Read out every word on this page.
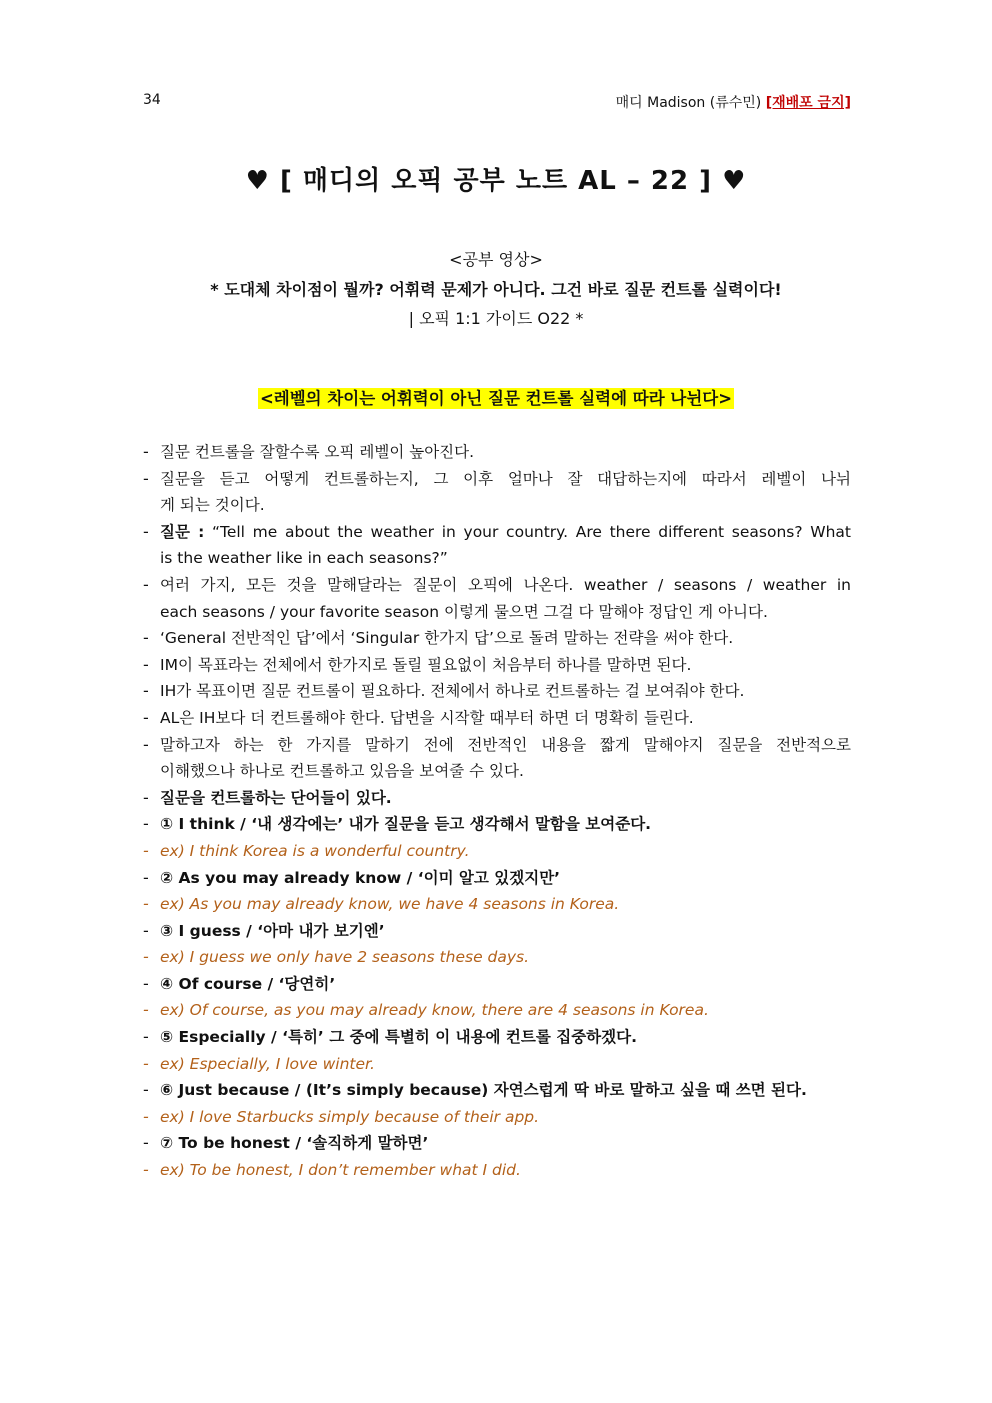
34	매디 Madison (류수민) [재배포 금지]
♥ [ 매디의 오픽 공부 노트 AL – 22 ] ♥
<공부 영상>
* 도대체 차이점이 뭘까? 어휘력 문제가 아니다. 그건 바로 질문 컨트롤 실력이다!
| 오픽 1:1 가이드 O22 *
<레벨의 차이는 어휘력이 아닌 질문 컨트롤 실력에 따라 나뉜다>
- 질문 컨트롤을 잘할수록 오픽 레벨이 높아진다.
- 질문을 듣고 어떻게 컨트롤하는지, 그 이후 얼마나 잘 대답하는지에 따라서 레벨이 나뉘
게 되는 것이다.
- 질문 : “Tell me about the weather in your country. Are there different seasons? What
is the weather like in each seasons?”
- 여러 가지, 모든 것을 말해달라는 질문이 오픽에 나온다. weather / seasons / weather in
each seasons / your favorite season 이렇게 물으면 그걸 다 말해야 정답인 게 아니다.
- ‘General 전반적인 답’에서 ‘Singular 한가지 답’으로 돌려 말하는 전략을 써야 한다.
- IM이 목표라는 전체에서 한가지로 돌릴 필요없이 처음부터 하나를 말하면 된다.
- IH가 목표이면 질문 컨트롤이 필요하다. 전체에서 하나로 컨트롤하는 걸 보여줘야 한다.
- AL은 IH보다 더 컨트롤해야 한다. 답변을 시작할 때부터 하면 더 명확히 들린다.
- 말하고자 하는 한 가지를 말하기 전에 전반적인 내용을 짧게 말해야지 질문을 전반적으로
이해했으나 하나로 컨트롤하고 있음을 보여줄 수 있다.
- 질문을 컨트롤하는 단어들이 있다.
- ① I think / ‘내 생각에는’ 내가 질문을 듣고 생각해서 말함을 보여준다.
- ex) I think Korea is a wonderful country.
- ② As you may already know / ‘이미 알고 있겠지만’
- ex) As you may already know, we have 4 seasons in Korea.
- ③ I guess / ‘아마 내가 보기엔’
- ex) I guess we only have 2 seasons these days.
- ④ Of course / ‘당연히’
- ex) Of course, as you may already know, there are 4 seasons in Korea.
- ⑤ Especially / ‘특히’ 그 중에 특별히 이 내용에 컨트롤 집중하겠다.
- ex) Especially, I love winter.
- ⑥ Just because / (It’s simply because) 자연스럽게 딱 바로 말하고 싶을 때 쓰면 된다.
- ex) I love Starbucks simply because of their app.
- ⑦ To be honest / ‘솔직하게 말하면’
- ex) To be honest, I don’t remember what I did.
